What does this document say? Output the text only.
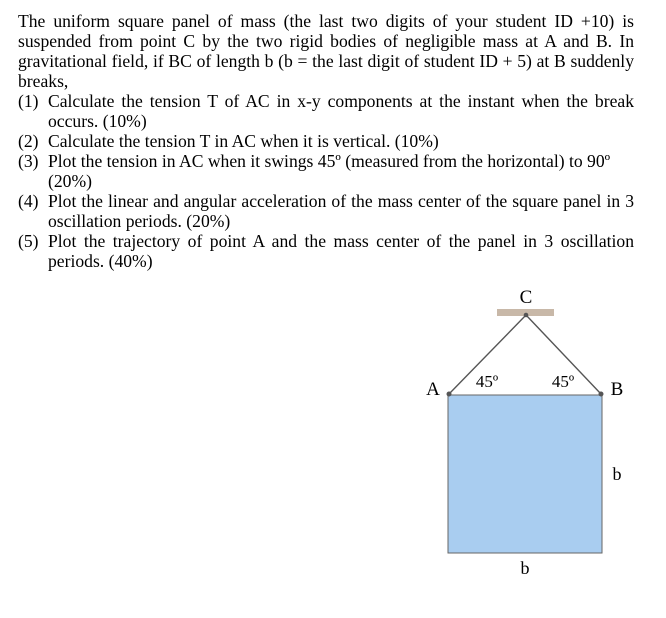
The uniform square panel of mass (the last two digits of your student ID +10) is suspended from point C by the two rigid bodies of negligible mass at A and B. In gravitational field, if BC of length b (b = the last digit of student ID + 5) at B suddenly breaks,

(1) Calculate the tension T of AC in x-y components at the instant when the break occurs. (10%)
(2) Calculate the tension T in AC when it is vertical. (10%)
(3) Plot the tension in AC when it swings 45º (measured from the horizontal) to 90º (20%)
(4) Plot the linear and angular acceleration of the mass center of the square panel in 3 oscillation periods. (20%)
(5) Plot the trajectory of point A and the mass center of the panel in 3 oscillation periods. (40%)
C
A	B
45º	45º
b
b
